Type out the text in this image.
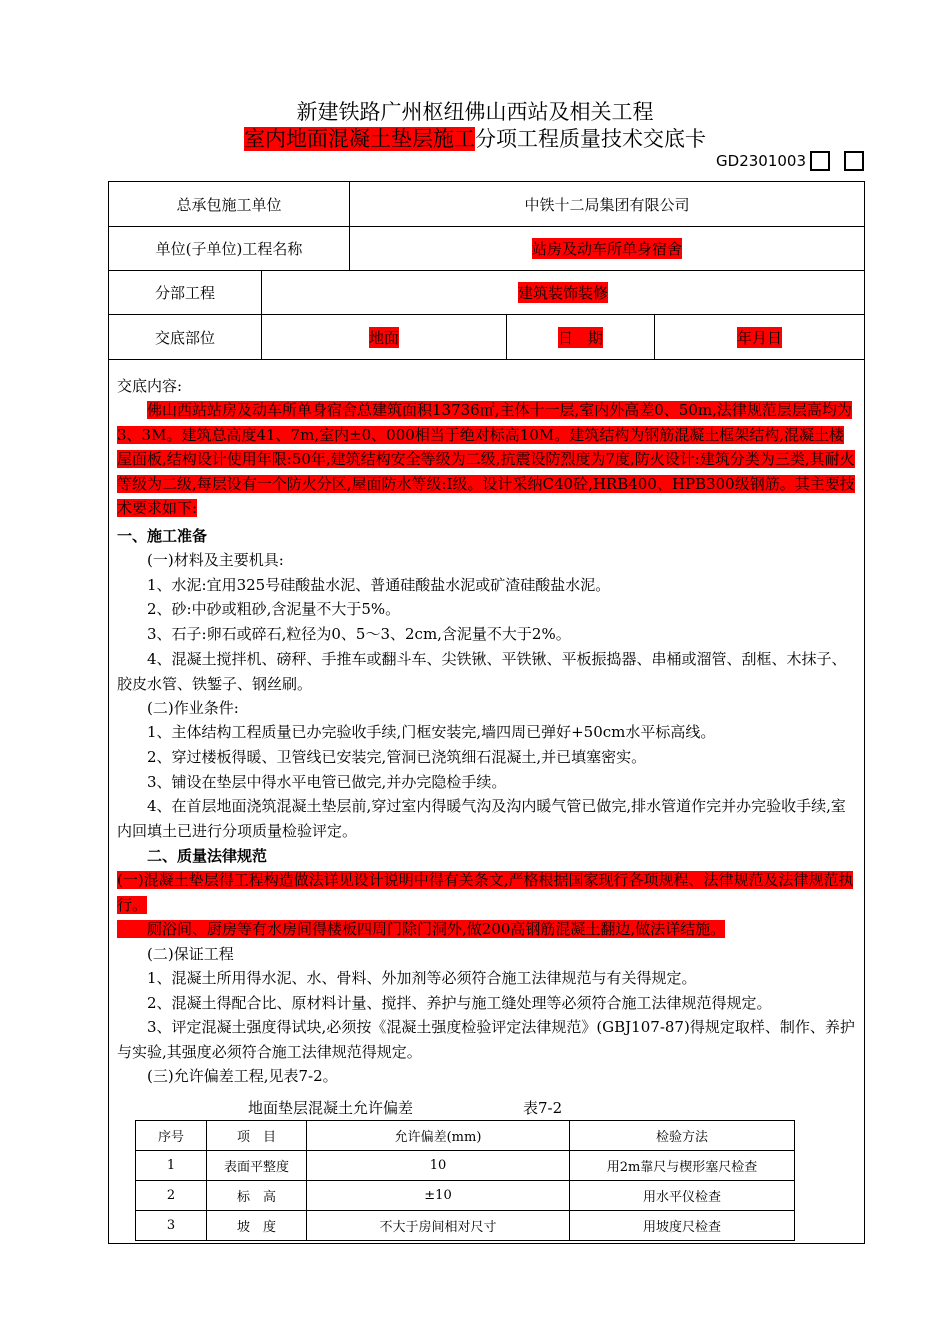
新建铁路广州枢纽佛山西站及相关工程
室内地面混凝土垫层施工分项工程质量技术交底卡
GD2301003
总承包施工单位	中铁十二局集团有限公司
单位(子单位)工程名称	站房及动车所单身宿舍
分部工程	建筑装饰装修
交底部位	地面	日　期	年月日
交底内容:
佛山西站站房及动车所单身宿舍总建筑面积13736㎡,主体十一层,室内外高差0、50m,法律规范层层高均为3、3M。建筑总高度41、7m,室内±0、000相当于绝对标高10M。建筑结构为钢筋混凝土框架结构,混凝土楼屋面板,结构设计使用年限:50年,建筑结构安全等级为二级,抗震设防烈度为7度,防火设计:建筑分类为三类,其耐火等级为二级,每层设有一个防火分区,屋面防水等级:Ⅰ级。设计采纳C40砼,HRB400、HPB300级钢筋。其主要技术要求如下:
一、施工准备
(一)材料及主要机具:
1、水泥:宜用325号硅酸盐水泥、普通硅酸盐水泥或矿渣硅酸盐水泥。
2、砂:中砂或粗砂,含泥量不大于5%。
3、石子:卵石或碎石,粒径为0、5～3、2cm,含泥量不大于2%。
4、混凝土搅拌机、磅秤、手推车或翻斗车、尖铁锹、平铁锹、平板振捣器、串桶或溜管、刮框、木抹子、胶皮水管、铁錾子、钢丝刷。
(二)作业条件:
1、主体结构工程质量已办完验收手续,门框安装完,墙四周已弹好+50cm水平标高线。
2、穿过楼板得暖、卫管线已安装完,管洞已浇筑细石混凝土,并已填塞密实。
3、铺设在垫层中得水平电管已做完,并办完隐检手续。
4、在首层地面浇筑混凝土垫层前,穿过室内得暖气沟及沟内暖气管已做完,排水管道作完并办完验收手续,室内回填土已进行分项质量检验评定。
二、质量法律规范
(一)混凝土垫层得工程构造做法详见设计说明中得有关条文,严格根据国家现行各项规程、法律规范及法律规范执行。
厕浴间、厨房等有水房间得楼板四周门除门洞外,做200高钢筋混凝土翻边,做法详结施。
(二)保证工程
1、混凝土所用得水泥、水、骨料、外加剂等必须符合施工法律规范与有关得规定。
2、混凝土得配合比、原材料计量、搅拌、养护与施工缝处理等必须符合施工法律规范得规定。
3、评定混凝土强度得试块,必须按《混凝土强度检验评定法律规范》(GBJ107-87)得规定取样、制作、养护与实验,其强度必须符合施工法律规范得规定。
(三)允许偏差工程,见表7-2。
地面垫层混凝土允许偏差	表7-2
序号	项　目	允许偏差(mm)	检验方法
1	表面平整度	10	用2m靠尺与楔形塞尺检查
2	标　高	±10	用水平仪检查
3	坡　度	不大于房间相对尺寸	用坡度尺检查
